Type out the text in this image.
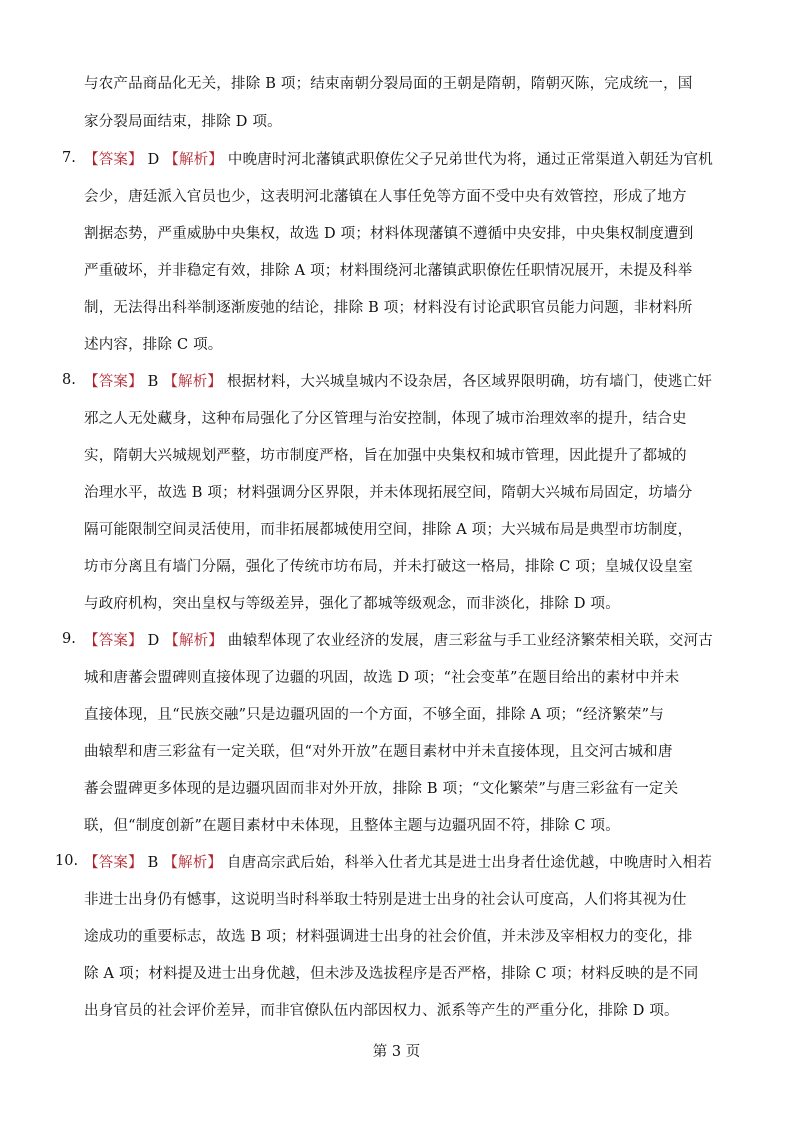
与农产品商品化无关，排除 B 项；结束南朝分裂局面的王朝是隋朝，隋朝灭陈，完成统一，国
家分裂局面结束，排除 D 项。
7. 【答案】 D 【解析】 中晚唐时河北藩镇武职僚佐父子兄弟世代为将，通过正常渠道入朝廷为官机
会少，唐廷派入官员也少，这表明河北藩镇在人事任免等方面不受中央有效管控，形成了地方
割据态势，严重威胁中央集权，故选 D 项；材料体现藩镇不遵循中央安排，中央集权制度遭到
严重破坏，并非稳定有效，排除 A 项；材料围绕河北藩镇武职僚佐任职情况展开，未提及科举
制，无法得出科举制逐渐废弛的结论，排除 B 项；材料没有讨论武职官员能力问题，非材料所
述内容，排除 C 项。
8. 【答案】 B 【解析】 根据材料，大兴城皇城内不设杂居，各区域界限明确，坊有墙门，使逃亡奸
邪之人无处藏身，这种布局强化了分区管理与治安控制，体现了城市治理效率的提升，结合史
实，隋朝大兴城规划严整，坊市制度严格，旨在加强中央集权和城市管理，因此提升了都城的
治理水平，故选 B 项；材料强调分区界限，并未体现拓展空间，隋朝大兴城布局固定，坊墙分
隔可能限制空间灵活使用，而非拓展都城使用空间，排除 A 项；大兴城布局是典型市坊制度，
坊市分离且有墙门分隔，强化了传统市坊布局，并未打破这一格局，排除 C 项；皇城仅设皇室
与政府机构，突出皇权与等级差异，强化了都城等级观念，而非淡化，排除 D 项。
9. 【答案】 D 【解析】 曲辕犁体现了农业经济的发展，唐三彩盆与手工业经济繁荣相关联，交河古
城和唐蕃会盟碑则直接体现了边疆的巩固，故选 D 项；“社会变革”在题目给出的素材中并未
直接体现，且“民族交融”只是边疆巩固的一个方面，不够全面，排除 A 项；“经济繁荣”与
曲辕犁和唐三彩盆有一定关联，但“对外开放”在题目素材中并未直接体现，且交河古城和唐
蕃会盟碑更多体现的是边疆巩固而非对外开放，排除 B 项；“文化繁荣”与唐三彩盆有一定关
联，但“制度创新”在题目素材中未体现，且整体主题与边疆巩固不符，排除 C 项。
10. 【答案】 B 【解析】 自唐高宗武后始，科举入仕者尤其是进士出身者仕途优越，中晚唐时入相若
非进士出身仍有憾事，这说明当时科举取士特别是进士出身的社会认可度高，人们将其视为仕
途成功的重要标志，故选 B 项；材料强调进士出身的社会价值，并未涉及宰相权力的变化，排
除 A 项；材料提及进士出身优越，但未涉及选拔程序是否严格，排除 C 项；材料反映的是不同
出身官员的社会评价差异，而非官僚队伍内部因权力、派系等产生的严重分化，排除 D 项。
第 3 页
